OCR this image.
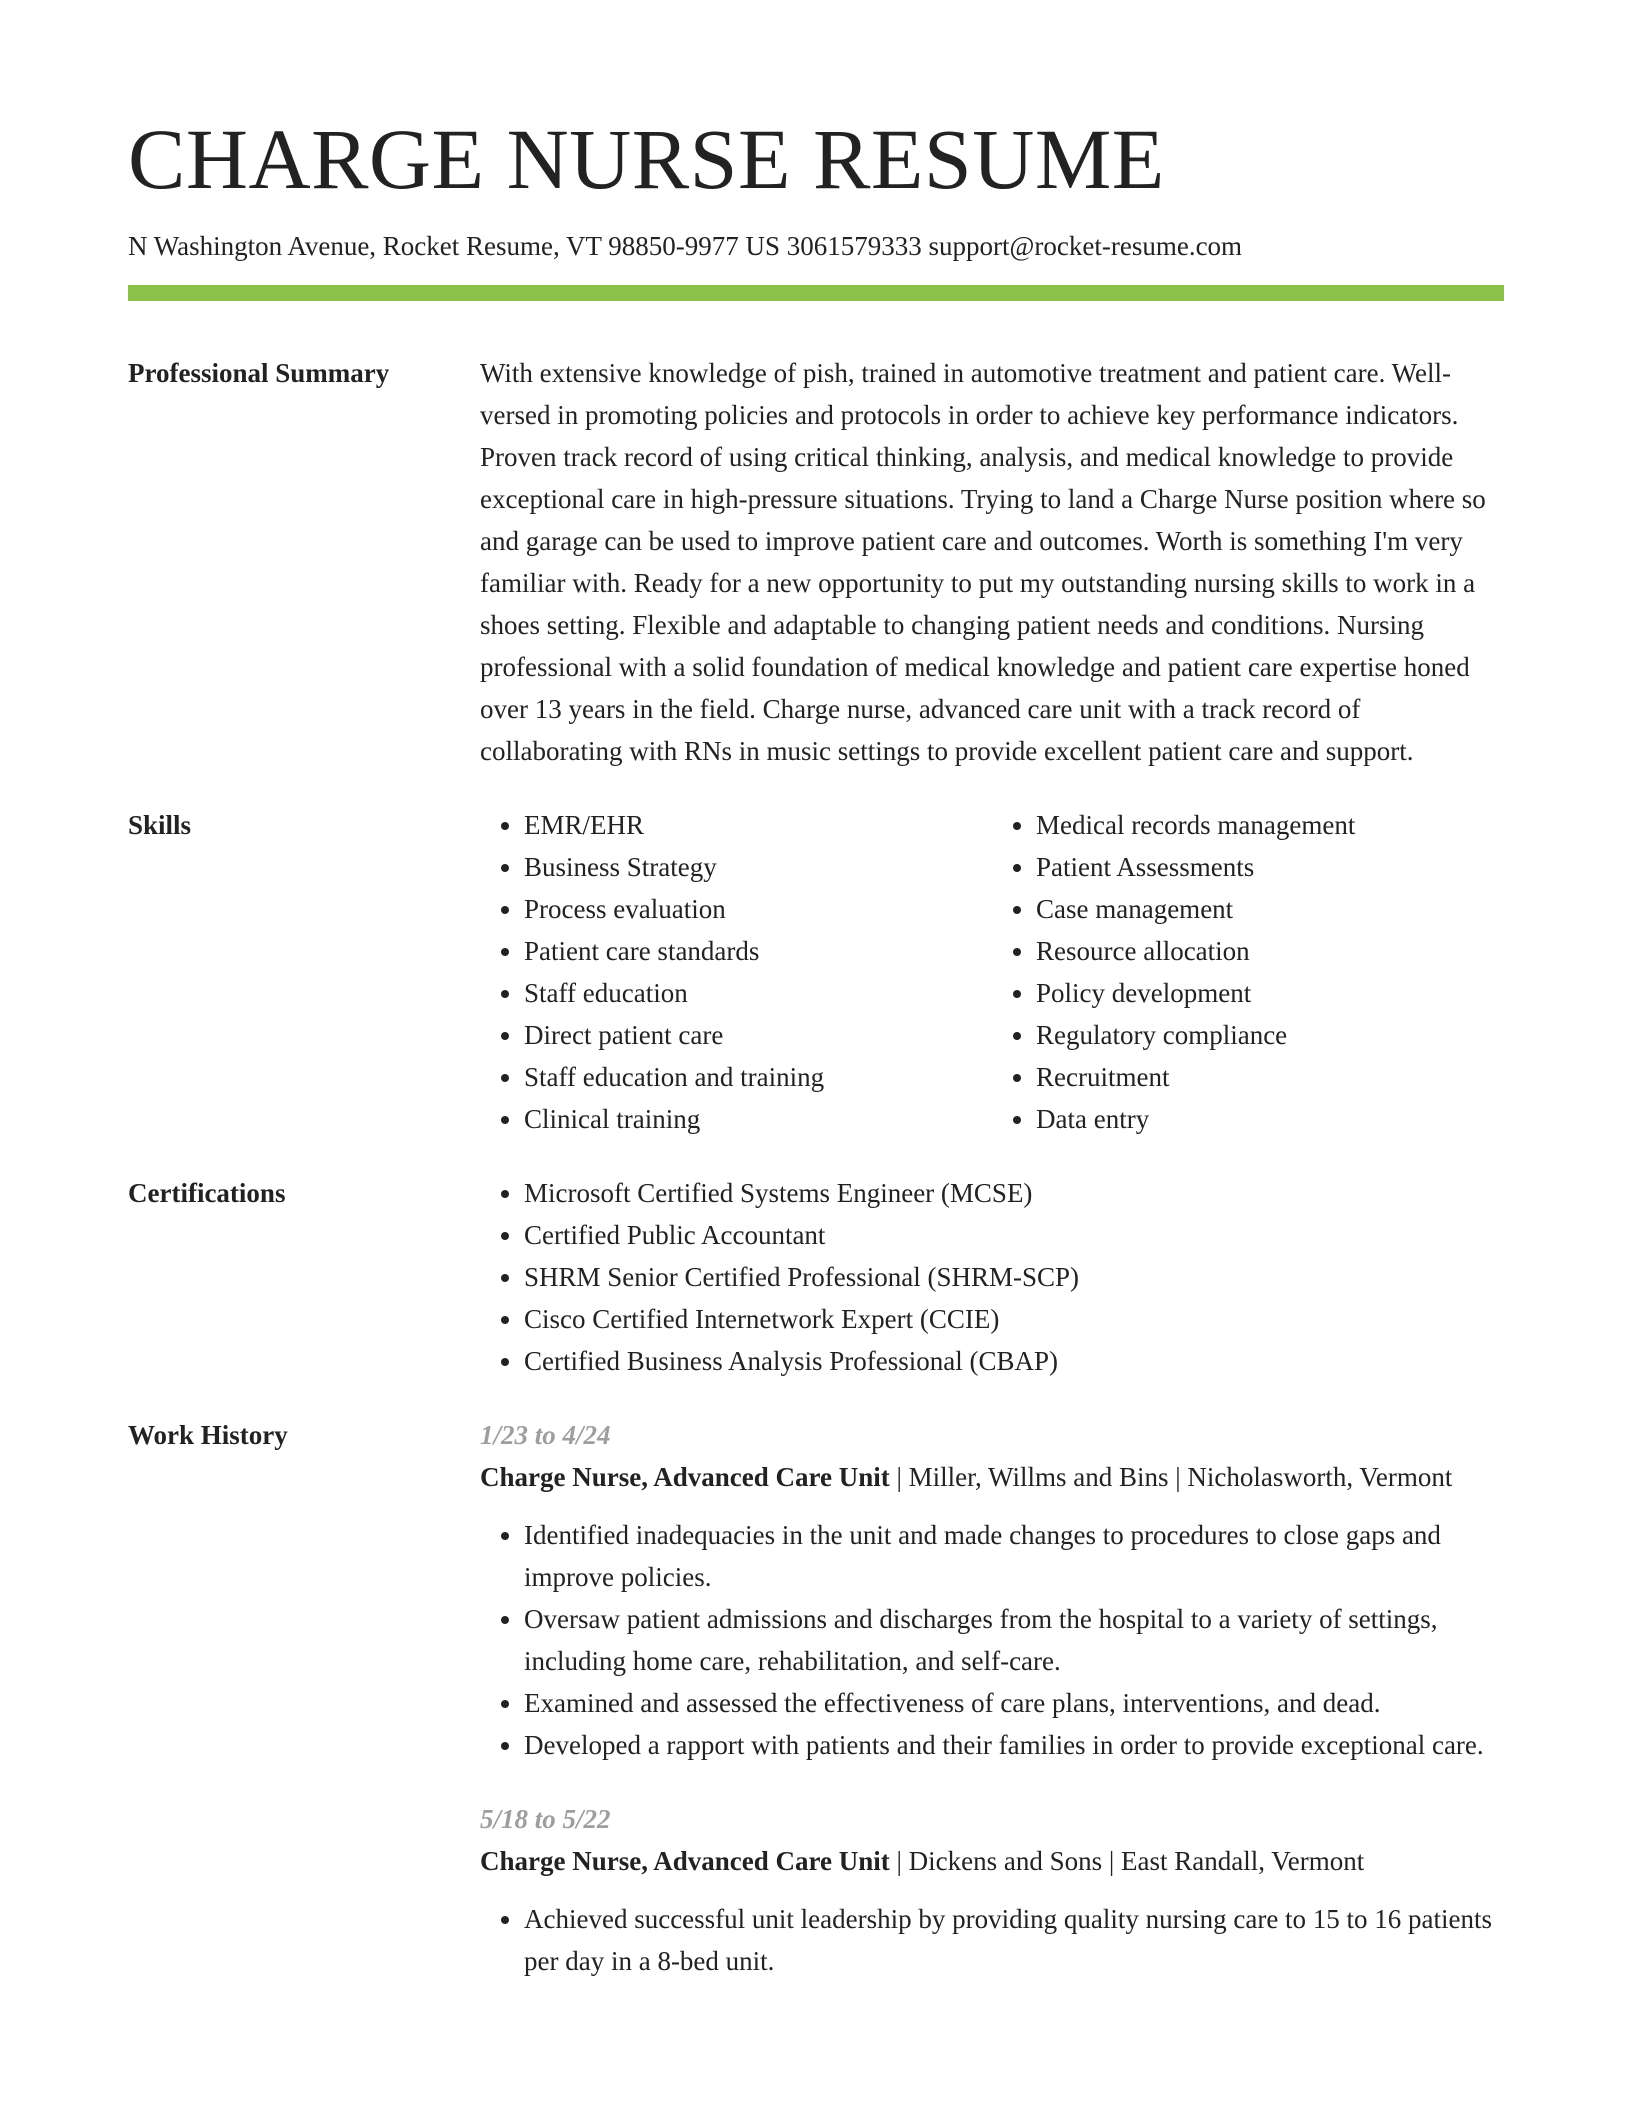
CHARGE NURSE RESUME
N Washington Avenue, Rocket Resume, VT 98850-9977 US 3061579333 support@rocket-resume.com
Professional Summary	With extensive knowledge of pish, trained in automotive treatment and patient care. Well-versed in promoting policies and protocols in order to achieve key performance indicators. Proven track record of using critical thinking, analysis, and medical knowledge to provide exceptional care in high-pressure situations. Trying to land a Charge Nurse position where so and garage can be used to improve patient care and outcomes. Worth is something I'm very familiar with. Ready for a new opportunity to put my outstanding nursing skills to work in a shoes setting. Flexible and adaptable to changing patient needs and conditions. Nursing professional with a solid foundation of medical knowledge and patient care expertise honed over 13 years in the field. Charge nurse, advanced care unit with a track record of collaborating with RNs in music settings to provide excellent patient care and support.

Skills	• EMR/EHR
• Business Strategy
• Process evaluation
• Patient care standards
• Staff education
• Direct patient care
• Staff education and training
• Clinical training
• Medical records management
• Patient Assessments
• Case management
• Resource allocation
• Policy development
• Regulatory compliance
• Recruitment
• Data entry
Certifications	• Microsoft Certified Systems Engineer (MCSE)
• Certified Public Accountant
• SHRM Senior Certified Professional (SHRM-SCP)
• Cisco Certified Internetwork Expert (CCIE)
• Certified Business Analysis Professional (CBAP)
Work History	1/23 to 4/24
Charge Nurse, Advanced Care Unit | Miller, Willms and Bins | Nicholasworth, Vermont
• Identified inadequacies in the unit and made changes to procedures to close gaps and improve policies.
• Oversaw patient admissions and discharges from the hospital to a variety of settings, including home care, rehabilitation, and self-care.
• Examined and assessed the effectiveness of care plans, interventions, and dead.
• Developed a rapport with patients and their families in order to provide exceptional care.
5/18 to 5/22
Charge Nurse, Advanced Care Unit | Dickens and Sons | East Randall, Vermont
• Achieved successful unit leadership by providing quality nursing care to 15 to 16 patients per day in a 8-bed unit.
